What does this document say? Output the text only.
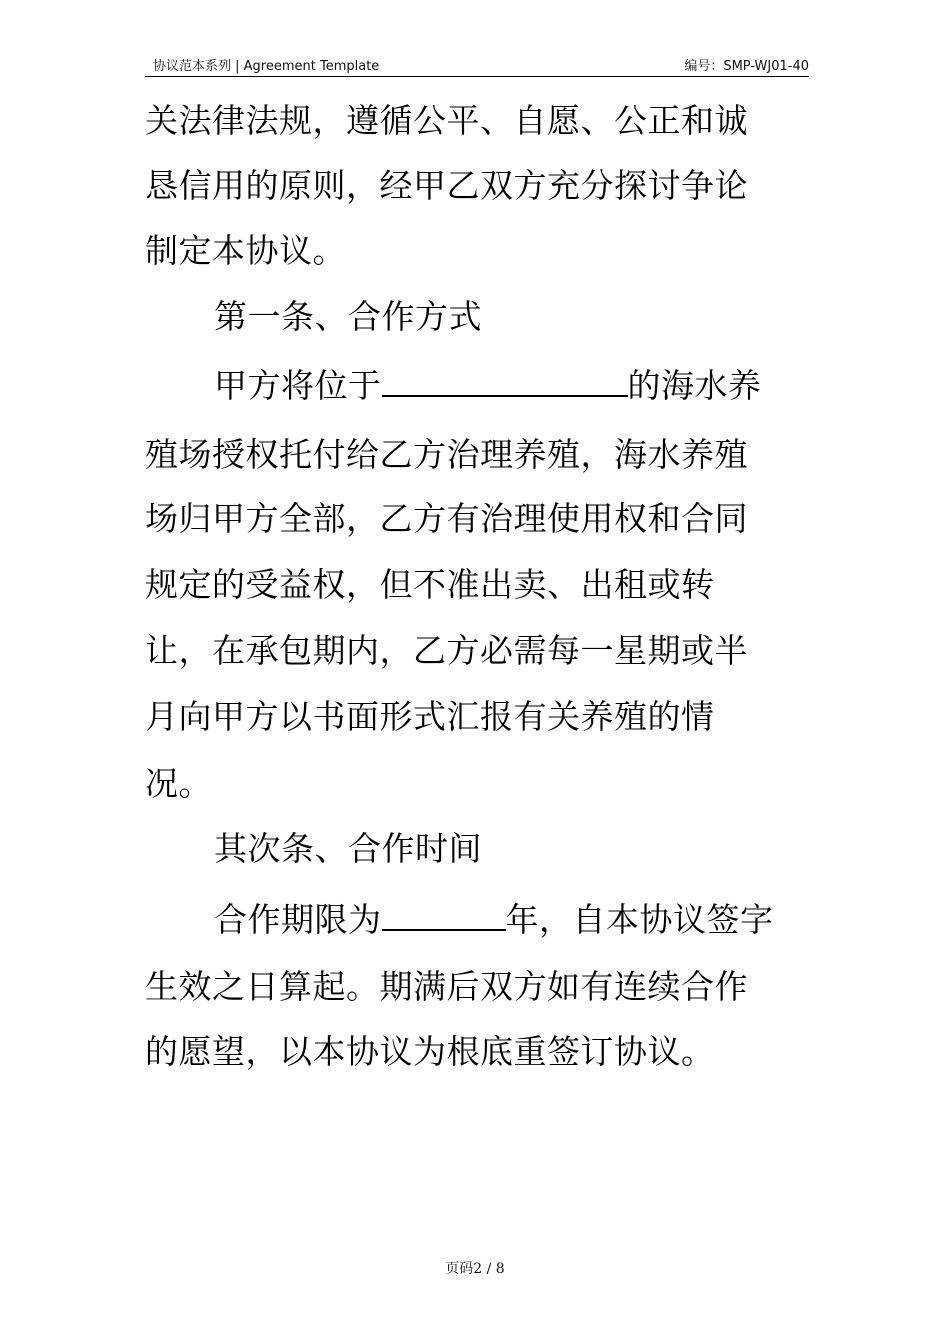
协议范本系列 | Agreement Template	编号：SMP-WJ01-40
关法律法规，遵循公平、自愿、公正和诚
恳信用的原则，经甲乙双方充分探讨争论
制定本协议。
第一条、合作方式
甲方将位于	的海水养
殖场授权托付给乙方治理养殖，海水养殖
场归甲方全部，乙方有治理使用权和合同
规定的受益权，但不准出卖、出租或转
让，在承包期内，乙方必需每一星期或半
月向甲方以书面形式汇报有关养殖的情
况。
其次条、合作时间
合作期限为	年，自本协议签字
生效之日算起。期满后双方如有连续合作
的愿望，以本协议为根底重签订协议。
页码2 / 8
